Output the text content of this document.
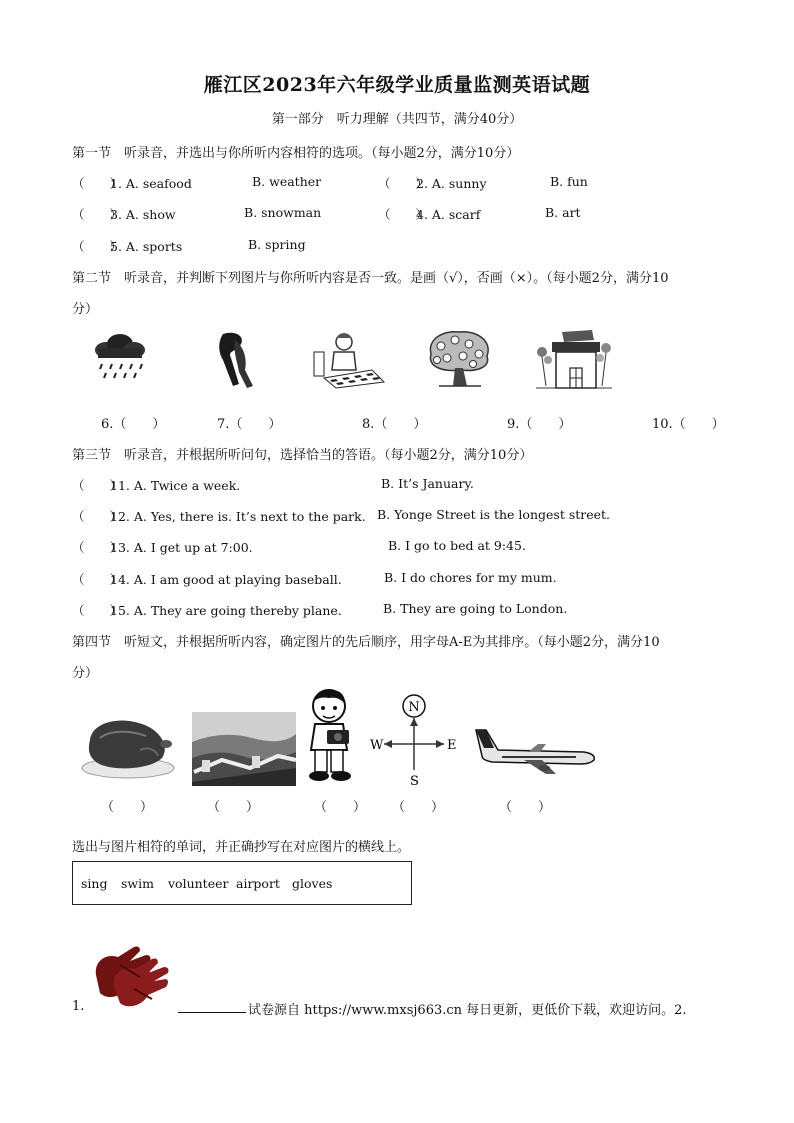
雁江区2023年六年级学业质量监测英语试题
第一部分　听力理解（共四节，满分40分）
第一节　听录音，并选出与你所听内容相符的选项。（每小题2分，满分10分）
（　　）1. A. seafood	B. weather	（　　）2. A. sunny	B. fun
（　　）3. A. show	B. snowman	（　　）4. A. scarf	B. art
（　　）5. A. sports	B. spring
第二节　听录音，并判断下列图片与你所听内容是否一致。是画（√），否画（×）。（每小题2分，满分10
分）
6.（　　）	7.（　　）	8.（　　）	9.（　　）	10.（　　）
第三节　听录音，并根据所听问句，选择恰当的答语。（每小题2分，满分10分）
（　　）11. A. Twice a week.	B. It’s January.
（　　）12. A. Yes, there is. It’s next to the park. B. Yonge Street is the longest street.
（　　）13. A. I get up at 7:00.	B. I go to bed at 9:45.
（　　）14. A. I am good at playing baseball.	B. I do chores for my mum.
（　　）15. A. They are going thereby plane.	B. They are going to London.
第四节　听短文，并根据所听内容，确定图片的先后顺序，用字母A-E为其排序。（每小题2分，满分10
分）
N
W	E
S
（　　）	（　　）	（　　） （　　）	（　　）
选出与图片相符的单词，并正确抄写在对应图片的横线上。
sing swim volunteer airport gloves
1.	试卷源自 https://www.mxsj663.cn 每日更新，更低价下载，欢迎访问。2.
